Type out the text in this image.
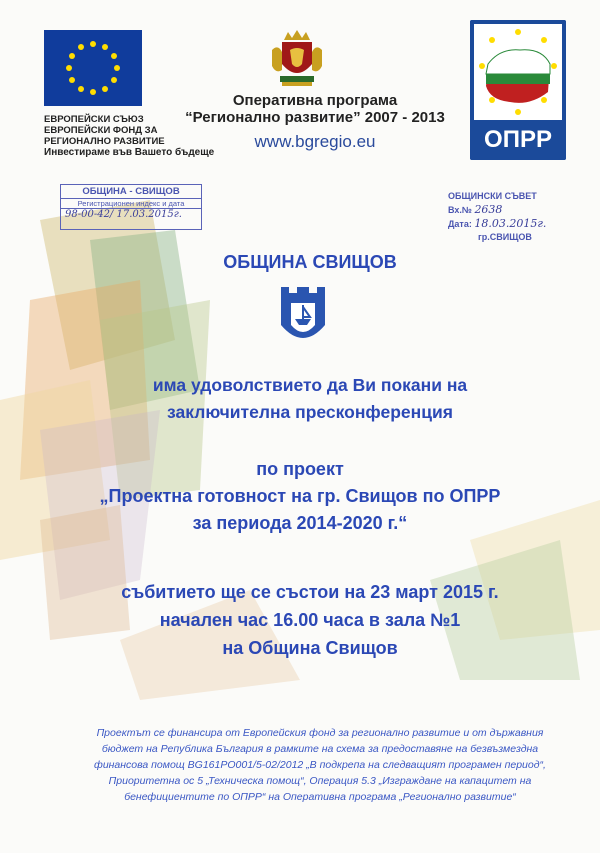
ЕВРОПЕЙСКИ СЪЮЗ
ЕВРОПЕЙСКИ ФОНД ЗА
РЕГИОНАЛНО РАЗВИТИЕ
Инвестираме във Вашето бъдеще
Оперативна програма
“Регионално развитие” 2007 - 2013
www.bgregio.eu	ОПРР
ОБЩИНА - СВИЩОВ
Регистрационен индекс и дата
98-00-42/ 17.03.2015г.
ОБЩИНСКИ СЪВЕТ
Вх.№ 2638
Дата: 18.03.2015г.
гр.СВИЩОВ
ОБЩИНА СВИЩОВ
има удоволствието да Ви покани на
заключителна пресконференция
по проект
„Проектна готовност на гр. Свищов по ОПРР
за периода 2014-2020 г.“
събитието ще се състои на 23 март 2015 г.
начален час 16.00 часа в зала №1
на Община Свищов
Проектът се финансира от Европейския фонд за регионално развитие и от държавния
бюджет на Република България в рамките на схема за предоставяне на безвъзмездна
финансова помощ BG161PO001/5-02/2012 „В подкрепа на следващият програмен период“,
Приоритетна ос 5 „Техническа помощ“, Операция 5.3 „Изграждане на капацитет на
бенефициентите по ОПРР“ на Оперативна програма „Регионално развитие“
